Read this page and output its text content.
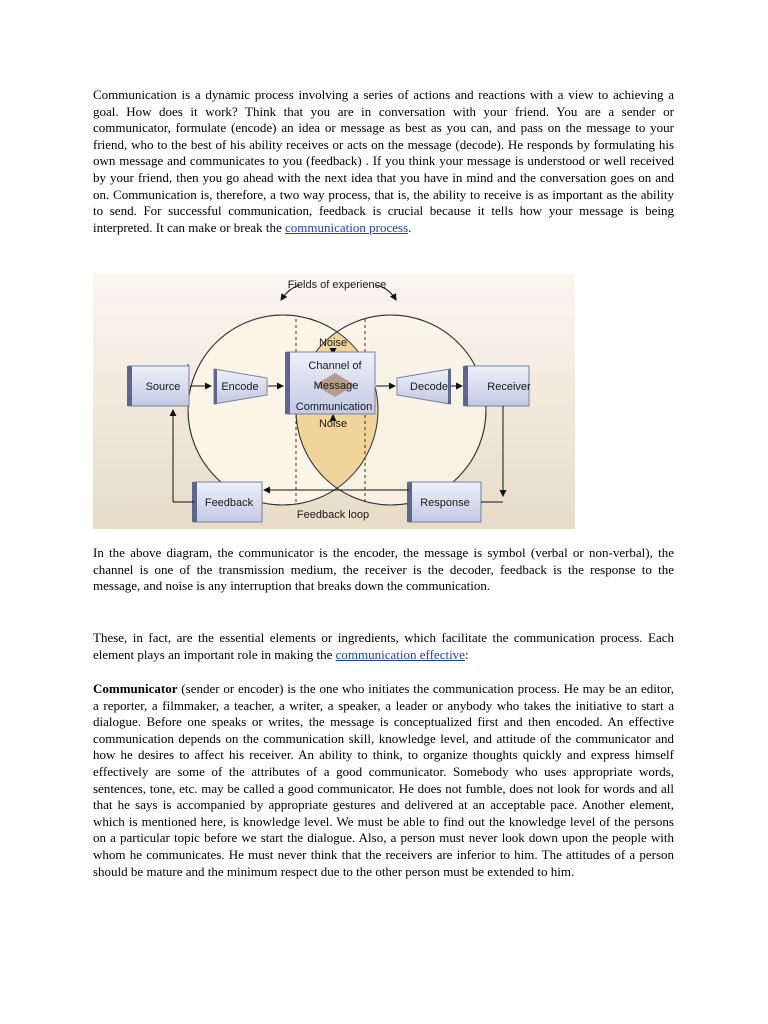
Communication is a dynamic process involving a series of actions and reactions with a view to achieving a goal. How does it work? Think that you are in conversation with your friend. You are a sender or communicator, formulate (encode) an idea or message as best as you can, and pass on the message to your friend, who to the best of his ability receives or acts on the message (decode). He responds by formulating his own message and communicates to you (feedback) . If you think your message is understood or well received by your friend, then you go ahead with the next idea that you have in mind and the conversation goes on and on. Communication is, therefore, a two way process, that is, the ability to receive is as important as the ability to send. For successful communication, feedback is crucial because it tells how your message is being interpreted. It can make or break the communication process.

Fields of experience
Source	Encode
Noise
Channel of
Message
Communication
Noise
Decode	Receiver
Response
Feedback
Feedback loop

In the above diagram, the communicator is the encoder, the message is symbol (verbal or non-verbal), the channel is one of the transmission medium, the receiver is the decoder, feedback is the response to the message, and noise is any interruption that breaks down the communication.

These, in fact, are the essential elements or ingredients, which facilitate the communication process. Each element plays an important role in making the communication effective:

Communicator (sender or encoder) is the one who initiates the communication process. He may be an editor, a reporter, a filmmaker, a teacher, a writer, a speaker, a leader or anybody who takes the initiative to start a dialogue. Before one speaks or writes, the message is conceptualized first and then encoded. An effective communication depends on the communication skill, knowledge level, and attitude of the communicator and how he desires to affect his receiver. An ability to think, to organize thoughts quickly and express himself effectively are some of the attributes of a good communicator. Somebody who uses appropriate words, sentences, tone, etc. may be called a good communicator. He does not fumble, does not look for words and all that he says is accompanied by appropriate gestures and delivered at an acceptable pace. Another element, which is mentioned here, is knowledge level. We must be able to find out the knowledge level of the persons on a particular topic before we start the dialogue. Also, a person must never look down upon the people with whom he communicates. He must never think that the receivers are inferior to him. The attitudes of a person should be mature and the minimum respect due to the other person must be extended to him.
